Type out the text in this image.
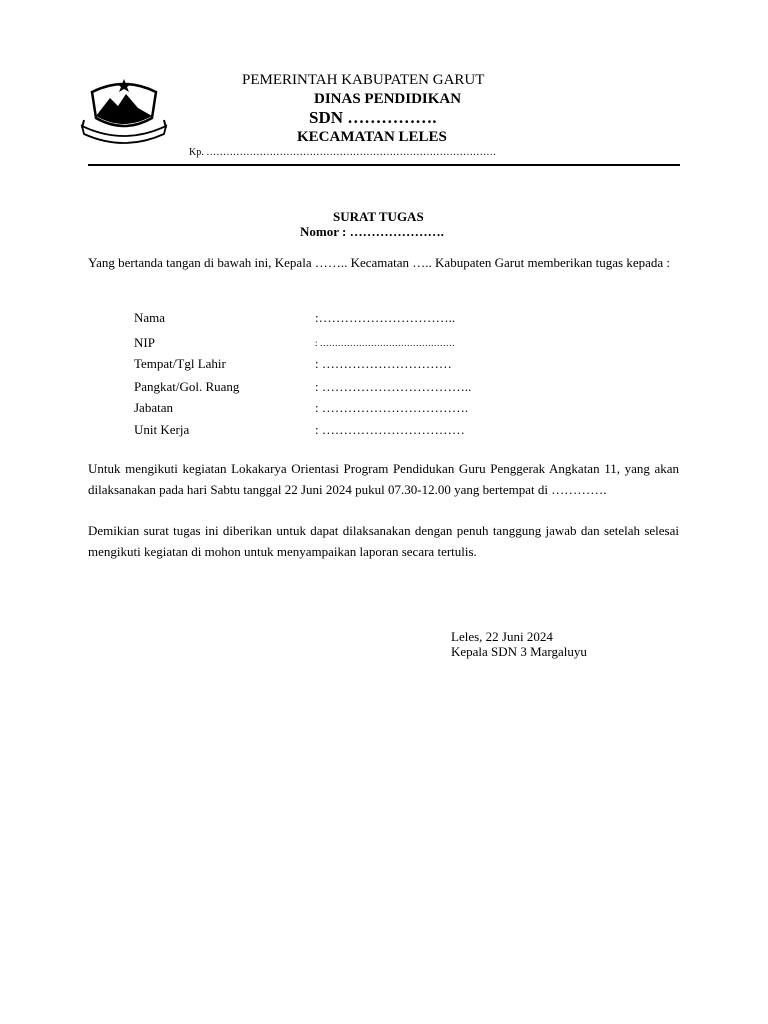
PEMERINTAH KABUPATEN GARUT
DINAS PENDIDIKAN
SDN …………….
KECAMATAN LELES
Kp. ……………………………………………………………………………
SURAT TUGAS
Nomor : ………………….
Yang bertanda tangan di bawah ini, Kepala …….. Kecamatan ….. Kabupaten Garut memberikan tugas kepada :
Nama	:…………………………..
NIP	: ………………………………………
Tempat/Tgl Lahir	: …………………………
Pangkat/Gol. Ruang	: ……………………………..
Jabatan	: …………………………….
Unit Kerja	: ……………………………
Untuk mengikuti kegiatan Lokakarya Orientasi Program Pendidukan Guru Penggerak Angkatan 11, yang akan dilaksanakan pada hari Sabtu tanggal 22 Juni 2024 pukul 07.30-12.00 yang bertempat di ………….
Demikian surat tugas ini diberikan untuk dapat dilaksanakan dengan penuh tanggung jawab dan setelah selesai mengikuti kegiatan di mohon untuk menyampaikan laporan secara tertulis.
Leles, 22 Juni 2024
Kepala SDN 3 Margaluyu
